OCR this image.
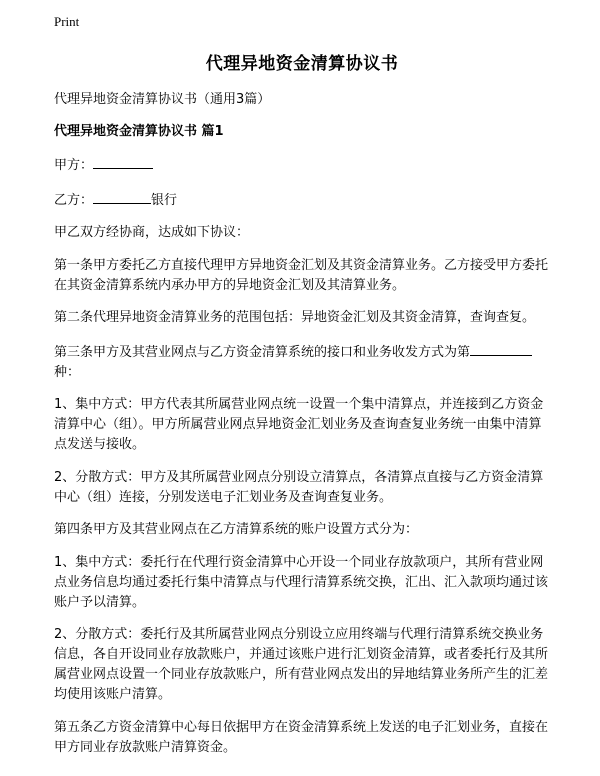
Print
代理异地资金清算协议书

代理异地资金清算协议书（通用3篇）

代理异地资金清算协议书 篇1

甲方：

乙方：	银行

甲乙双方经协商，达成如下协议：

第一条甲方委托乙方直接代理甲方异地资金汇划及其资金清算业务。乙方接受甲方委托在其资金清算系统内承办甲方的异地资金汇划及其清算业务。

第二条代理异地资金清算业务的范围包括：异地资金汇划及其资金清算，查询查复。

第三条甲方及其营业网点与乙方资金清算系统的接口和业务收发方式为第种：

1、集中方式：甲方代表其所属营业网点统一设置一个集中清算点，并连接到乙方资金清算中心（组）。甲方所属营业网点异地资金汇划业务及查询查复业务统一由集中清算点发送与接收。

2、分散方式：甲方及其所属营业网点分别设立清算点，各清算点直接与乙方资金清算中心（组）连接，分别发送电子汇划业务及查询查复业务。

第四条甲方及其营业网点在乙方清算系统的账户设置方式分为：

1、集中方式：委托行在代理行资金清算中心开设一个同业存放款项户，其所有营业网点业务信息均通过委托行集中清算点与代理行清算系统交换，汇出、汇入款项均通过该账户予以清算。

2、分散方式：委托行及其所属营业网点分别设立应用终端与代理行清算系统交换业务信息，各自开设同业存放款账户，并通过该账户进行汇划资金清算，或者委托行及其所属营业网点设置一个同业存放款账户，所有营业网点发出的异地结算业务所产生的汇差均使用该账户清算。

第五条乙方资金清算中心每日依据甲方在资金清算系统上发送的电子汇划业务，直接在甲方同业存放款账户清算资金。
